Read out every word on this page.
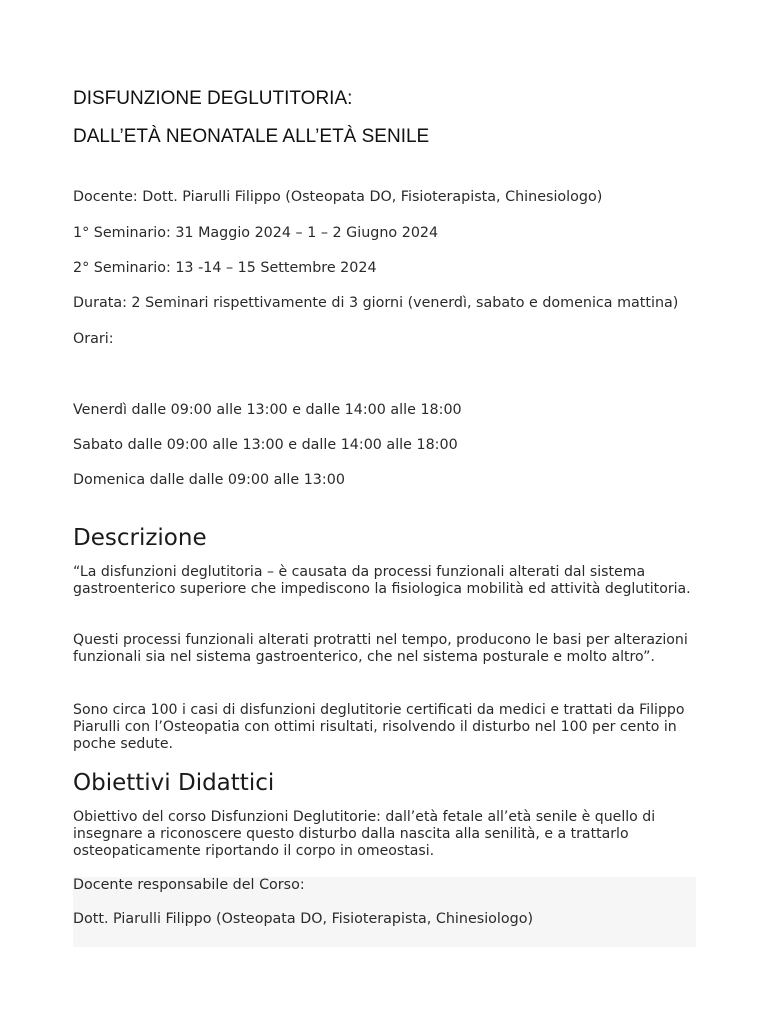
DISFUNZIONE DEGLUTITORIA:
DALL’ETÀ NEONATALE ALL’ETÀ SENILE

Docente: Dott. Piarulli Filippo (Osteopata DO, Fisioterapista, Chinesiologo)

1° Seminario: 31 Maggio 2024 – 1 – 2 Giugno 2024

2° Seminario: 13 -14 – 15 Settembre 2024

Durata: 2 Seminari rispettivamente di 3 giorni (venerdì, sabato e domenica mattina)

Orari:

Venerdì dalle 09:00 alle 13:00 e dalle 14:00 alle 18:00

Sabato dalle 09:00 alle 13:00 e dalle 14:00 alle 18:00

Domenica dalle dalle 09:00 alle 13:00

Descrizione

“La disfunzioni deglutitoria – è causata da processi funzionali alterati dal sistema gastroenterico superiore che impediscono la fisiologica mobilità ed attività deglutitoria.

Questi processi funzionali alterati protratti nel tempo, producono le basi per alterazioni funzionali sia nel sistema gastroenterico, che nel sistema posturale e molto altro”.

Sono circa 100 i casi di disfunzioni deglutitorie certificati da medici e trattati da Filippo Piarulli con l’Osteopatia con ottimi risultati, risolvendo il disturbo nel 100 per cento in poche sedute.

Obiettivi Didattici

Obiettivo del corso Disfunzioni Deglutitorie: dall’età fetale all’età senile è quello di insegnare a riconoscere questo disturbo dalla nascita alla senilità, e a trattarlo osteopaticamente riportando il corpo in omeostasi.

Docente responsabile del Corso:

Dott. Piarulli Filippo (Osteopata DO, Fisioterapista, Chinesiologo)
